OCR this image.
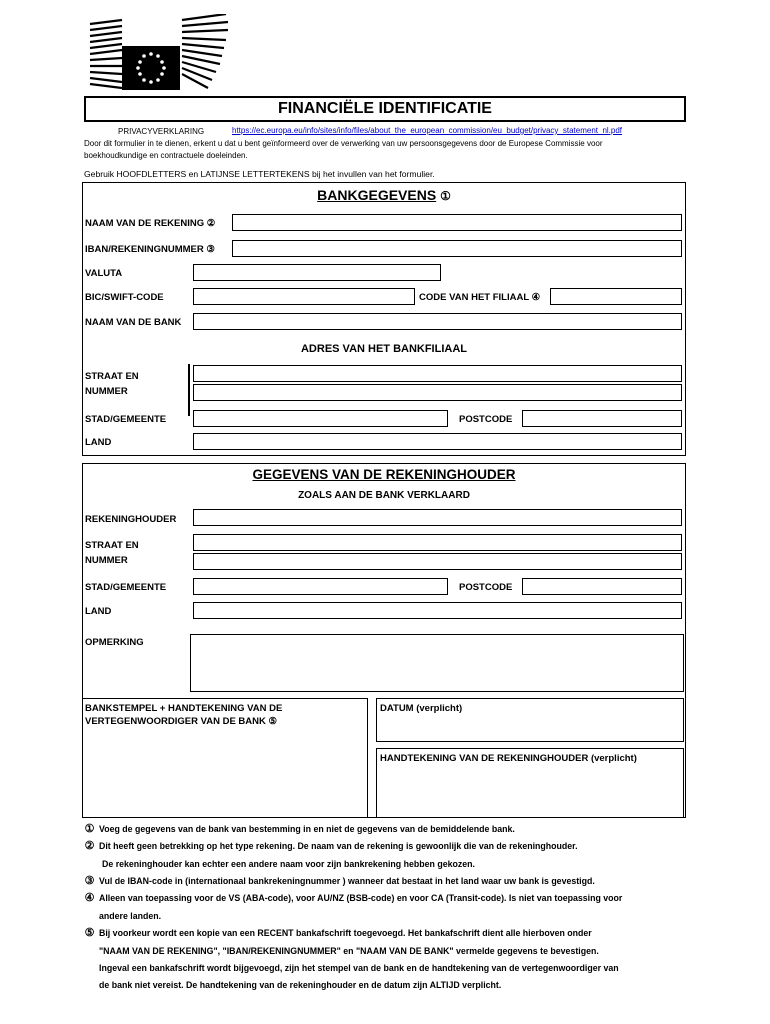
FINANCIËLE IDENTIFICATIE
PRIVACYVERKLARING	https://ec.europa.eu/info/sites/info/files/about_the_european_commission/eu_budget/privacy_statement_nl.pdf
Door dit formulier in te dienen, erkent u dat u bent geïnformeerd over de verwerking van uw persoonsgegevens door de Europese Commissie voor
boekhoudkundige en contractuele doeleinden.
Gebruik HOOFDLETTERS en LATIJNSE LETTERTEKENS bij het invullen van het formulier.
BANKGEGEVENS ①
NAAM VAN DE REKENING ②
IBAN/REKENINGNUMMER ③
VALUTA
BIC/SWIFT-CODE	CODE VAN HET FILIAAL ④
NAAM VAN DE BANK
ADRES VAN HET BANKFILIAAL
STRAAT EN
NUMMER
STAD/GEMEENTE	POSTCODE
LAND
GEGEVENS VAN DE REKENINGHOUDER
ZOALS AAN DE BANK VERKLAARD
REKENINGHOUDER
STRAAT EN
NUMMER
STAD/GEMEENTE	POSTCODE
LAND
OPMERKING
BANKSTEMPEL + HANDTEKENING VAN DE
VERTEGENWOORDIGER VAN DE BANK ⑤
DATUM (verplicht)
HANDTEKENING VAN DE REKENINGHOUDER (verplicht)
① Voeg de gegevens van de bank van bestemming in en niet de gegevens van de bemiddelende bank.
② Dit heeft geen betrekking op het type rekening. De naam van de rekening is gewoonlijk die van de rekeninghouder.
De rekeninghouder kan echter een andere naam voor zijn bankrekening hebben gekozen.
③ Vul de IBAN-code in (internationaal bankrekeningnummer ) wanneer dat bestaat in het land waar uw bank is gevestigd.
④ Alleen van toepassing voor de VS (ABA-code), voor AU/NZ (BSB-code) en voor CA (Transit-code). Is niet van toepassing voor
andere landen.
⑤ Bij voorkeur wordt een kopie van een RECENT bankafschrift toegevoegd. Het bankafschrift dient alle hierboven onder
"NAAM VAN DE REKENING", "IBAN/REKENINGNUMMER" en "NAAM VAN DE BANK" vermelde gegevens te bevestigen.
Ingeval een bankafschrift wordt bijgevoegd, zijn het stempel van de bank en de handtekening van de vertegenwoordiger van
de bank niet vereist. De handtekening van de rekeninghouder en de datum zijn ALTIJD verplicht.
